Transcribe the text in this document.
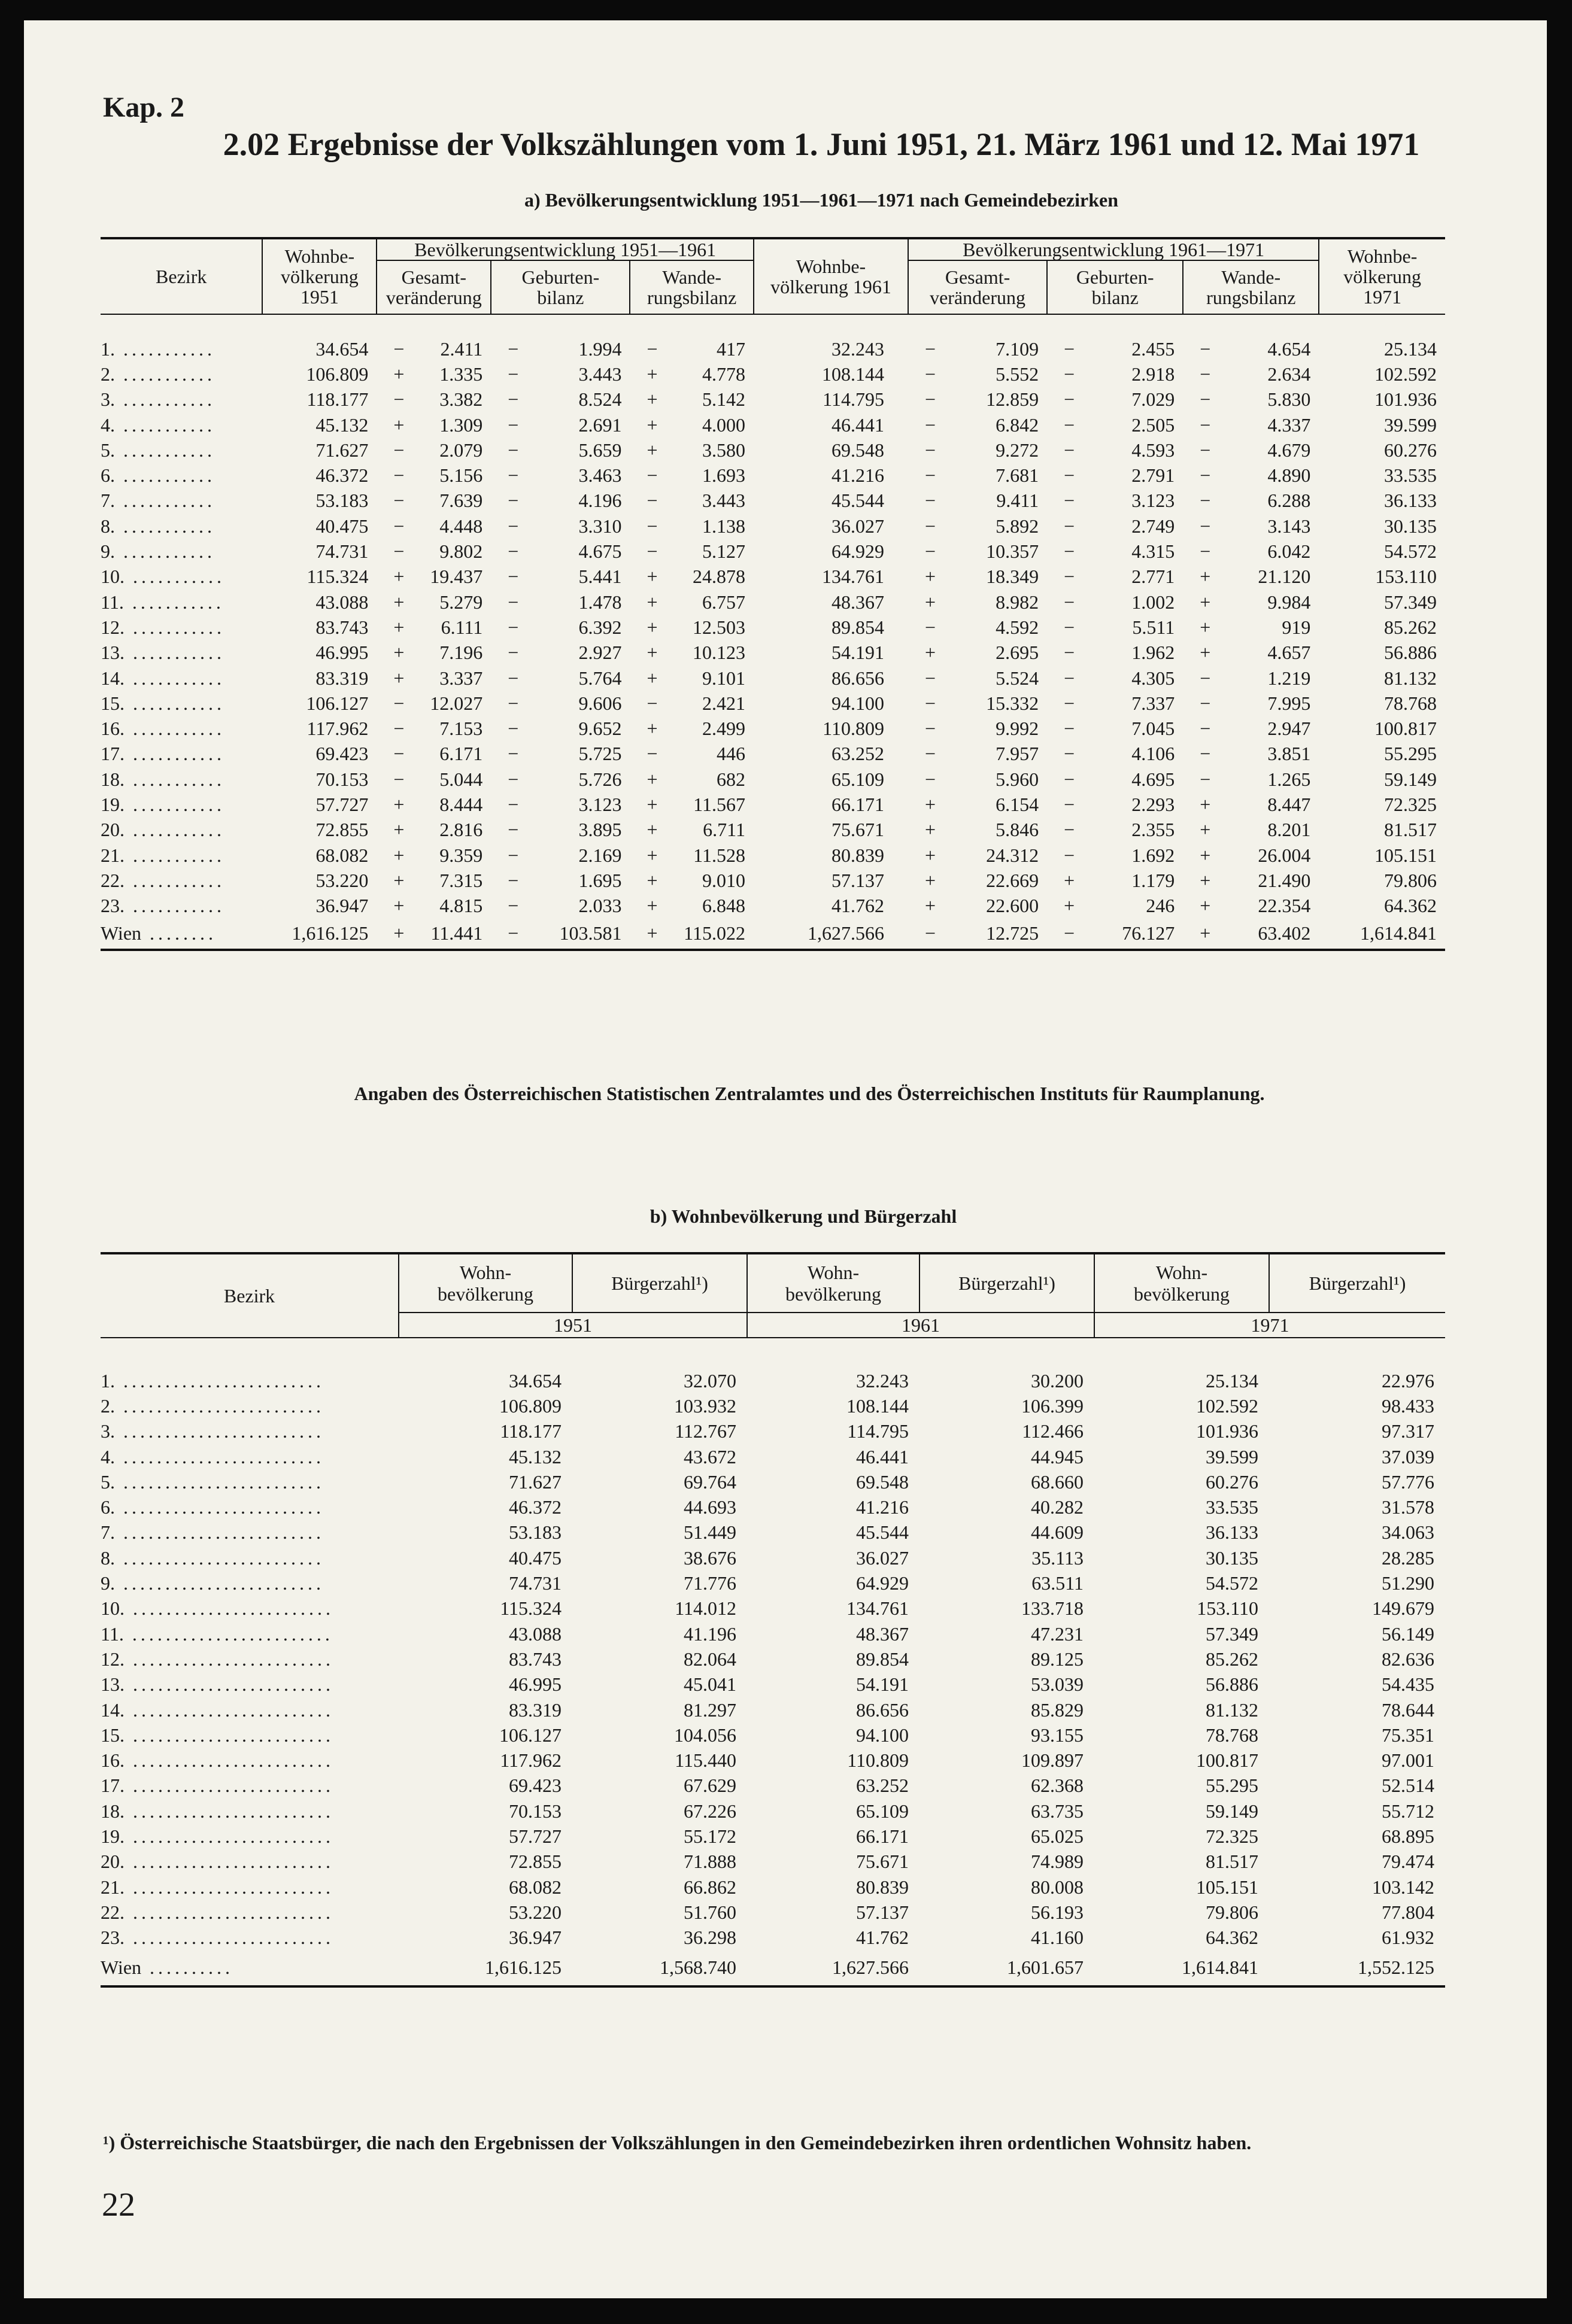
Kap. 2
2.02 Ergebnisse der Volkszählungen vom 1. Juni 1951, 21. März 1961 und 12. Mai 1971
a) Bevölkerungsentwicklung 1951—1961—1971 nach Gemeindebezirken
Bezirk	Wohnbe-völkerung 1951	Bevölkerungsentwicklung 1951—1961						Wohnbe-völkerung 1961	Bevölkerungsentwicklung 1961—1971						Wohnbe-völkerung 1971
		Gesamt-veränderung		Geburten-bilanz		Wande-rungsbilanz			Gesamt-veränderung		Geburten-bilanz		Wande-rungsbilanz		
1. ...........	34.654	−	2.411	−	1.994	−	417	32.243	−	7.109	−	2.455	−	4.654	25.134
2. ...........	106.809	+	1.335	−	3.443	+	4.778	108.144	−	5.552	−	2.918	−	2.634	102.592
3. ...........	118.177	−	3.382	−	8.524	+	5.142	114.795	−	12.859	−	7.029	−	5.830	101.936
4. ...........	45.132	+	1.309	−	2.691	+	4.000	46.441	−	6.842	−	2.505	−	4.337	39.599
5. ...........	71.627	−	2.079	−	5.659	+	3.580	69.548	−	9.272	−	4.593	−	4.679	60.276
6. ...........	46.372	−	5.156	−	3.463	−	1.693	41.216	−	7.681	−	2.791	−	4.890	33.535
7. ...........	53.183	−	7.639	−	4.196	−	3.443	45.544	−	9.411	−	3.123	−	6.288	36.133
8. ...........	40.475	−	4.448	−	3.310	−	1.138	36.027	−	5.892	−	2.749	−	3.143	30.135
9. ...........	74.731	−	9.802	−	4.675	−	5.127	64.929	−	10.357	−	4.315	−	6.042	54.572
10. ...........	115.324	+	19.437	−	5.441	+	24.878	134.761	+	18.349	−	2.771	+	21.120	153.110
11. ...........	43.088	+	5.279	−	1.478	+	6.757	48.367	+	8.982	−	1.002	+	9.984	57.349
12. ...........	83.743	+	6.111	−	6.392	+	12.503	89.854	−	4.592	−	5.511	+	919	85.262
13. ...........	46.995	+	7.196	−	2.927	+	10.123	54.191	+	2.695	−	1.962	+	4.657	56.886
14. ...........	83.319	+	3.337	−	5.764	+	9.101	86.656	−	5.524	−	4.305	−	1.219	81.132
15. ...........	106.127	−	12.027	−	9.606	−	2.421	94.100	−	15.332	−	7.337	−	7.995	78.768
16. ...........	117.962	−	7.153	−	9.652	+	2.499	110.809	−	9.992	−	7.045	−	2.947	100.817
17. ...........	69.423	−	6.171	−	5.725	−	446	63.252	−	7.957	−	4.106	−	3.851	55.295
18. ...........	70.153	−	5.044	−	5.726	+	682	65.109	−	5.960	−	4.695	−	1.265	59.149
19. ...........	57.727	+	8.444	−	3.123	+	11.567	66.171	+	6.154	−	2.293	+	8.447	72.325
20. ...........	72.855	+	2.816	−	3.895	+	6.711	75.671	+	5.846	−	2.355	+	8.201	81.517
21. ...........	68.082	+	9.359	−	2.169	+	11.528	80.839	+	24.312	−	1.692	+	26.004	105.151
22. ...........	53.220	+	7.315	−	1.695	+	9.010	57.137	+	22.669	+	1.179	+	21.490	79.806
23. ...........	36.947	+	4.815	−	2.033	+	6.848	41.762	+	22.600	+	246	+	22.354	64.362
Wien ........	1,616.125	+	11.441	−	103.581	+	115.022	1,627.566	−	12.725	−	76.127	+	63.402	1,614.841
Angaben des Österreichischen Statistischen Zentralamtes und des Österreichischen Instituts für Raumplanung.
b) Wohnbevölkerung und Bürgerzahl
Bezirk	Wohn-bevölkerung	Bürgerzahl¹)	Wohn-bevölkerung	Bürgerzahl¹)	Wohn-bevölkerung	Bürgerzahl¹)
	1951		1961		1971	
1. ........................	34.654	32.070	32.243	30.200	25.134	22.976
2. ........................	106.809	103.932	108.144	106.399	102.592	98.433
3. ........................	118.177	112.767	114.795	112.466	101.936	97.317
4. ........................	45.132	43.672	46.441	44.945	39.599	37.039
5. ........................	71.627	69.764	69.548	68.660	60.276	57.776
6. ........................	46.372	44.693	41.216	40.282	33.535	31.578
7. ........................	53.183	51.449	45.544	44.609	36.133	34.063
8. ........................	40.475	38.676	36.027	35.113	30.135	28.285
9. ........................	74.731	71.776	64.929	63.511	54.572	51.290
10. ........................	115.324	114.012	134.761	133.718	153.110	149.679
11. ........................	43.088	41.196	48.367	47.231	57.349	56.149
12. ........................	83.743	82.064	89.854	89.125	85.262	82.636
13. ........................	46.995	45.041	54.191	53.039	56.886	54.435
14. ........................	83.319	81.297	86.656	85.829	81.132	78.644
15. ........................	106.127	104.056	94.100	93.155	78.768	75.351
16. ........................	117.962	115.440	110.809	109.897	100.817	97.001
17. ........................	69.423	67.629	63.252	62.368	55.295	52.514
18. ........................	70.153	67.226	65.109	63.735	59.149	55.712
19. ........................	57.727	55.172	66.171	65.025	72.325	68.895
20. ........................	72.855	71.888	75.671	74.989	81.517	79.474
21. ........................	68.082	66.862	80.839	80.008	105.151	103.142
22. ........................	53.220	51.760	57.137	56.193	79.806	77.804
23. ........................	36.947	36.298	41.762	41.160	64.362	61.932
Wien ..........	1,616.125	1,568.740	1,627.566	1,601.657	1,614.841	1,552.125
¹) Österreichische Staatsbürger, die nach den Ergebnissen der Volkszählungen in den Gemeindebezirken ihren ordentlichen Wohnsitz haben.
22
